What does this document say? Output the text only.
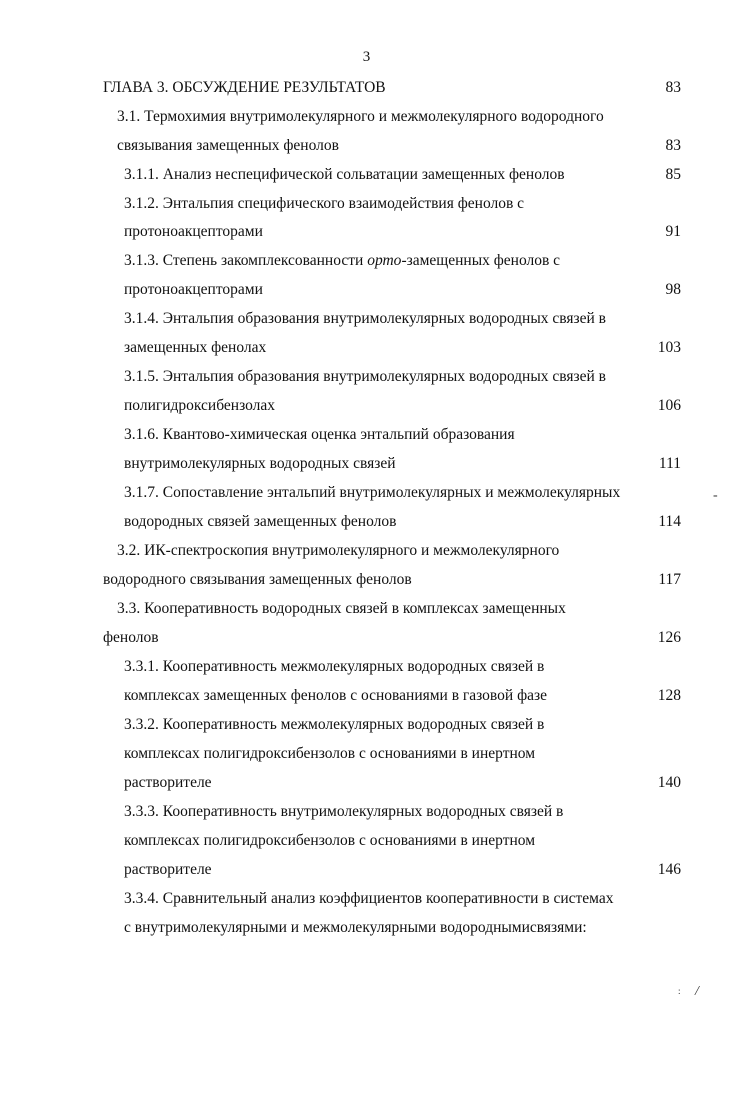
3
ГЛАВА 3. ОБСУЖДЕНИЕ РЕЗУЛЬТАТОВ	83
3.1. Термохимия внутримолекулярного и межмолекулярного водородного
связывания замещенных фенолов	83
3.1.1. Анализ неспецифической сольватации замещенных фенолов	85
3.1.2. Энтальпия специфического взаимодействия фенолов с
протоноакцепторами	91
3.1.3. Степень закомплексованности орто-замещенных фенолов с
протоноакцепторами	98
3.1.4. Энтальпия образования внутримолекулярных водородных связей в
замещенных фенолах	103
3.1.5. Энтальпия образования внутримолекулярных водородных связей в
полигидроксибензолах	106
3.1.6. Квантово-химическая оценка энтальпий образования
внутримолекулярных водородных связей	111
3.1.7. Сопоставление энтальпий внутримолекулярных и межмолекулярных
водородных связей замещенных фенолов	114
3.2. ИК-спектроскопия внутримолекулярного и межмолекулярного
водородного связывания замещенных фенолов	117
3.3. Кооперативность водородных связей в комплексах замещенных
фенолов	126
3.3.1. Кооперативность межмолекулярных водородных связей в
комплексах замещенных фенолов с основаниями в газовой фазе	128
3.3.2. Кооперативность межмолекулярных водородных связей в
комплексах полигидроксибензолов с основаниями в инертном
растворителе	140
3.3.3. Кооперативность внутримолекулярных водородных связей в
комплексах полигидроксибензолов с основаниями в инертном
растворителе	146
3.3.4. Сравнительный анализ коэффициентов кооперативности в системах
с внутримолекулярными и межмолекулярными водороднымисвязями:
-
: /
